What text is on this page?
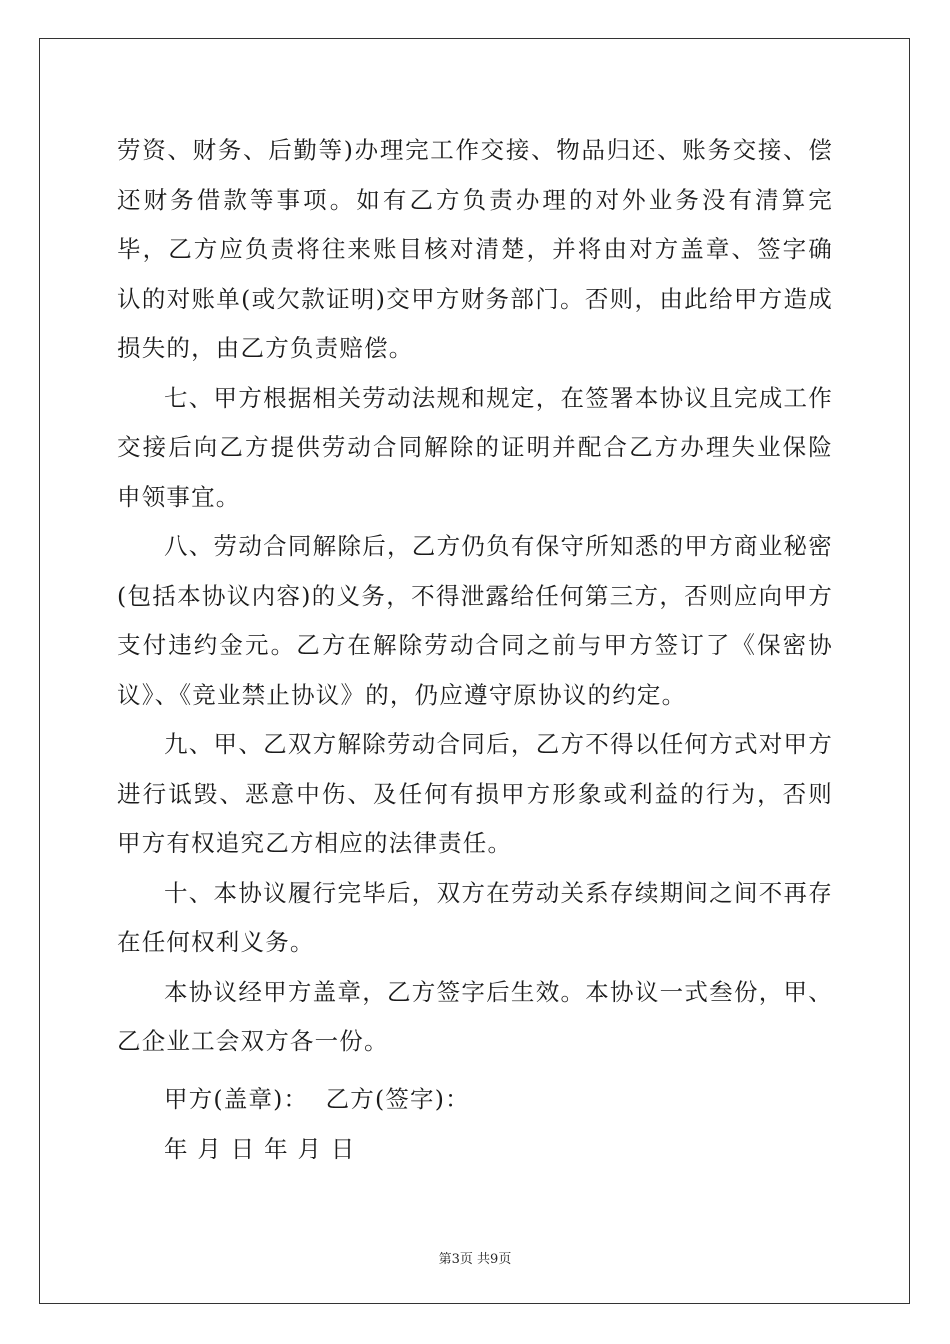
劳资、财务、后勤等)办理完工作交接、物品归还、账务交接、偿还财务借款等事项。如有乙方负责办理的对外业务没有清算完毕，乙方应负责将往来账目核对清楚，并将由对方盖章、签字确认的对账单(或欠款证明)交甲方财务部门。否则，由此给甲方造成损失的，由乙方负责赔偿。

七、甲方根据相关劳动法规和规定，在签署本协议且完成工作交接后向乙方提供劳动合同解除的证明并配合乙方办理失业保险申领事宜。

八、劳动合同解除后，乙方仍负有保守所知悉的甲方商业秘密(包括本协议内容)的义务，不得泄露给任何第三方，否则应向甲方支付违约金元。乙方在解除劳动合同之前与甲方签订了《保密协议》、《竞业禁止协议》的，仍应遵守原协议的约定。

九、甲、乙双方解除劳动合同后，乙方不得以任何方式对甲方进行诋毁、恶意中伤、及任何有损甲方形象或利益的行为，否则甲方有权追究乙方相应的法律责任。

十、本协议履行完毕后，双方在劳动关系存续期间之间不再存在任何权利义务。

本协议经甲方盖章，乙方签字后生效。本协议一式叁份，甲、乙企业工会双方各一份。

甲方(盖章)：  乙方(签字)：
年 月 日 年 月 日
第3页 共9页
